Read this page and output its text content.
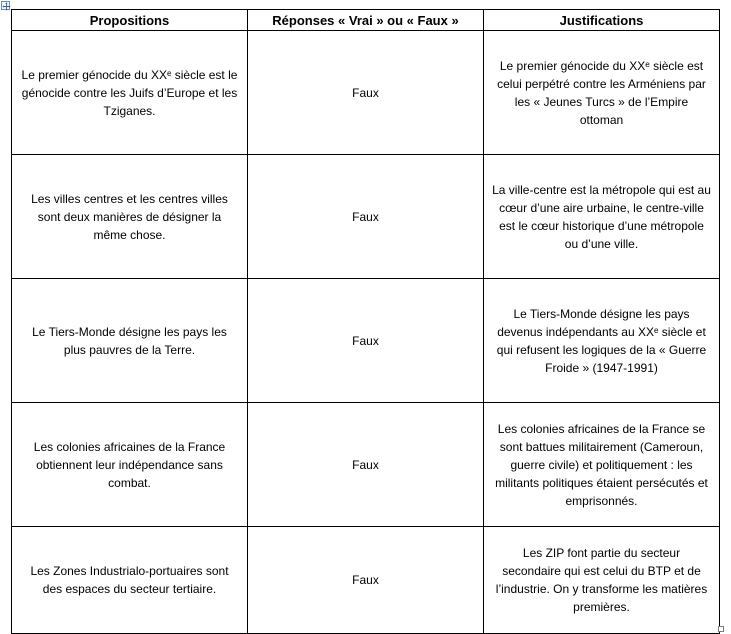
Propositions	Réponses « Vrai » ou « Faux »	Justifications
Le premier génocide du XXᵉ siècle est le génocide contre les Juifs d’Europe et les Tziganes.	Faux	Le premier génocide du XXᵉ siècle est celui perpétré contre les Arméniens par les « Jeunes Turcs » de l’Empire ottoman
Les villes centres et les centres villes sont deux manières de désigner la même chose.	Faux	La ville-centre est la métropole qui est au cœur d’une aire urbaine, le centre-ville est le cœur historique d’une métropole ou d’une ville.
Le Tiers-Monde désigne les pays les plus pauvres de la Terre.	Faux	Le Tiers-Monde désigne les pays devenus indépendants au XXᵉ siècle et qui refusent les logiques de la « Guerre Froide » (1947-1991)
Les colonies africaines de la France obtiennent leur indépendance sans combat.	Faux	Les colonies africaines de la France se sont battues militairement (Cameroun, guerre civile) et politiquement : les militants politiques étaient persécutés et emprisonnés.
Les Zones Industrialo-portuaires sont des espaces du secteur tertiaire.	Faux	Les ZIP font partie du secteur secondaire qui est celui du BTP et de l’industrie. On y transforme les matières premières.
